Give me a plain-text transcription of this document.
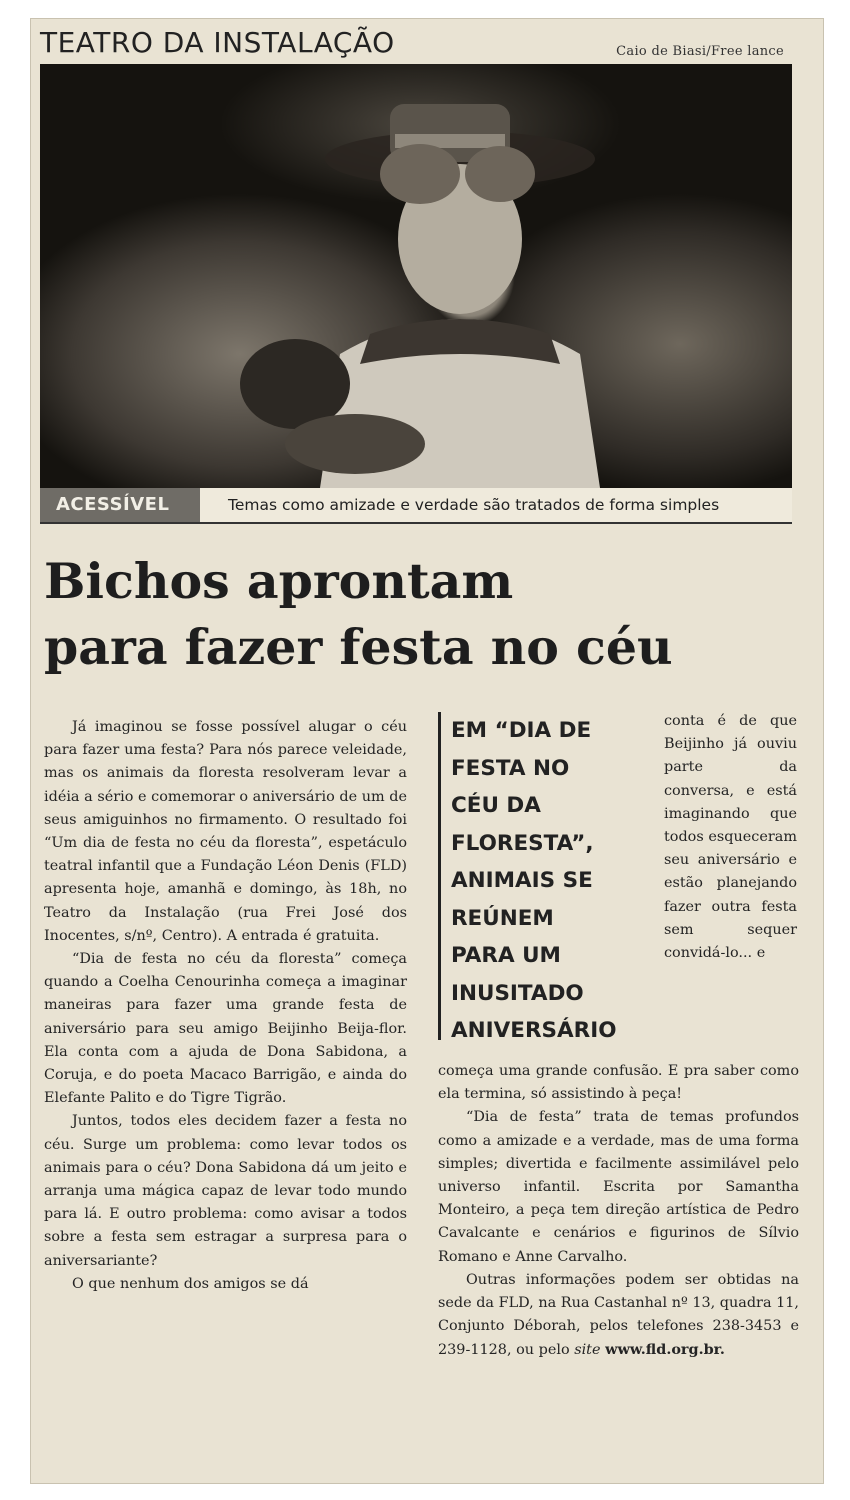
TEATRO DA INSTALAÇÃO	Caio de Biasi/Free lance
ACESSÍVEL	Temas como amizade e verdade são tratados de forma simples
Bichos aprontam
para fazer festa no céu

Já imaginou se fosse possível alugar o céu para fazer uma festa? Para nós parece veleidade, mas os animais da floresta resolveram levar a idéia a sério e comemorar o aniversário de um de seus amiguinhos no firmamento. O resultado foi “Um dia de festa no céu da floresta”, espetáculo teatral infantil que a Fundação Léon Denis (FLD) apresenta hoje, amanhã e domingo, às 18h, no Teatro da Instalação (rua Frei José dos Inocentes, s/nº, Centro). A entrada é gratuita.

“Dia de festa no céu da floresta” começa quando a Coelha Cenourinha começa a imaginar maneiras para fazer uma grande festa de aniversário para seu amigo Beijinho Beija-flor. Ela conta com a ajuda de Dona Sabidona, a Coruja, e do poeta Macaco Barrigão, e ainda do Elefante Palito e do Tigre Tigrão.

Juntos, todos eles decidem fazer a festa no céu. Surge um problema: como levar todos os animais para o céu? Dona Sabidona dá um jeito e arranja uma mágica capaz de levar todo mundo para lá. E outro problema: como avisar a todos sobre a festa sem estragar a surpresa para o aniversariante?

O que nenhum dos amigos se dá

EM “DIA DE
FESTA NO
CÉU DA
FLORESTA”,
ANIMAIS SE
REÚNEM
PARA UM
INUSITADO
ANIVERSÁRIO

conta é de que Beijinho já ouviu parte da conversa, e está imaginando que todos esqueceram seu aniversário e estão planejando fazer outra festa sem sequer convidá-lo... e

começa uma grande confusão. E pra saber como ela termina, só assistindo à peça!

“Dia de festa” trata de temas profundos como a amizade e a verdade, mas de uma forma simples; divertida e facilmente assimilável pelo universo infantil. Escrita por Samantha Monteiro, a peça tem direção artística de Pedro Cavalcante e cenários e figurinos de Sílvio Romano e Anne Carvalho.

Outras informações podem ser obtidas na sede da FLD, na Rua Castanhal nº 13, quadra 11, Conjunto Déborah, pelos telefones 238-3453 e 239-1128, ou pelo site www.fld.org.br.
